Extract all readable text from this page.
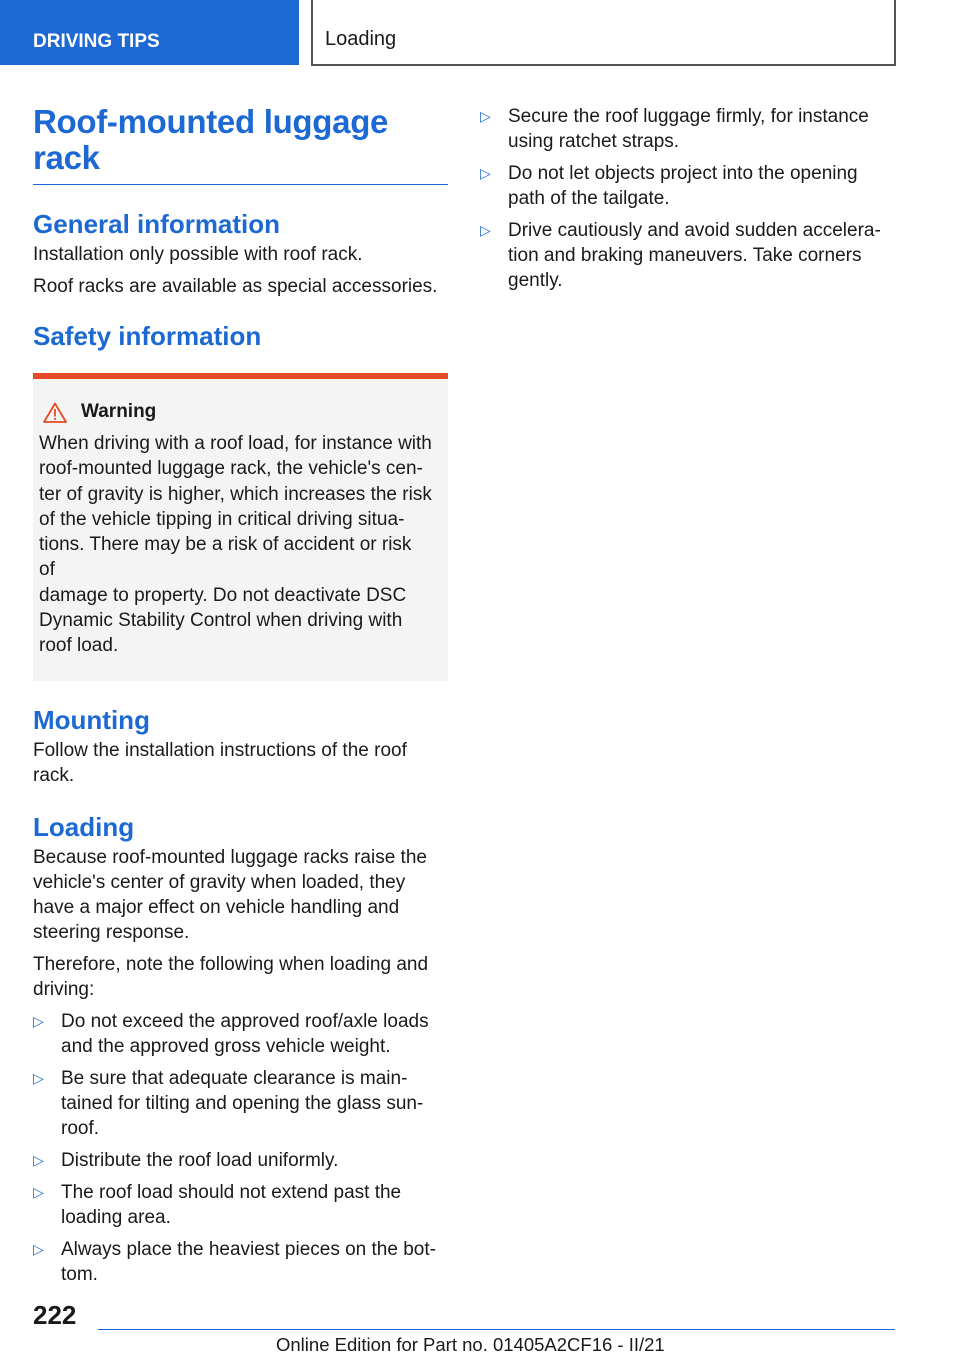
DRIVING TIPS	Loading
Roof-mounted luggage rack
General information

Installation only possible with roof rack.

Roof racks are available as special accessories.

Safety information
Warning
When driving with a roof load, for instance with
roof-mounted luggage rack, the vehicle's cen-
ter of gravity is higher, which increases the risk
of the vehicle tipping in critical driving situa-
tions. There may be a risk of accident or risk of
damage to property. Do not deactivate DSC
Dynamic Stability Control when driving with
roof load.
Mounting

Follow the installation instructions of the roof
rack.

Loading

Because roof-mounted luggage racks raise the
vehicle's center of gravity when loaded, they
have a major effect on vehicle handling and
steering response.

Therefore, note the following when loading and
driving:

▷ Do not exceed the approved roof/axle loads
and the approved gross vehicle weight.
▷ Be sure that adequate clearance is main-
tained for tilting and opening the glass sun-
roof.
▷ Distribute the roof load uniformly.
▷ The roof load should not extend past the
loading area.
▷ Always place the heaviest pieces on the bot-
tom.
▷ Secure the roof luggage firmly, for instance
using ratchet straps.
▷ Do not let objects project into the opening
path of the tailgate.
▷ Drive cautiously and avoid sudden accelera-
tion and braking maneuvers. Take corners
gently.
222
Online Edition for Part no. 01405A2CF16 - II/21
